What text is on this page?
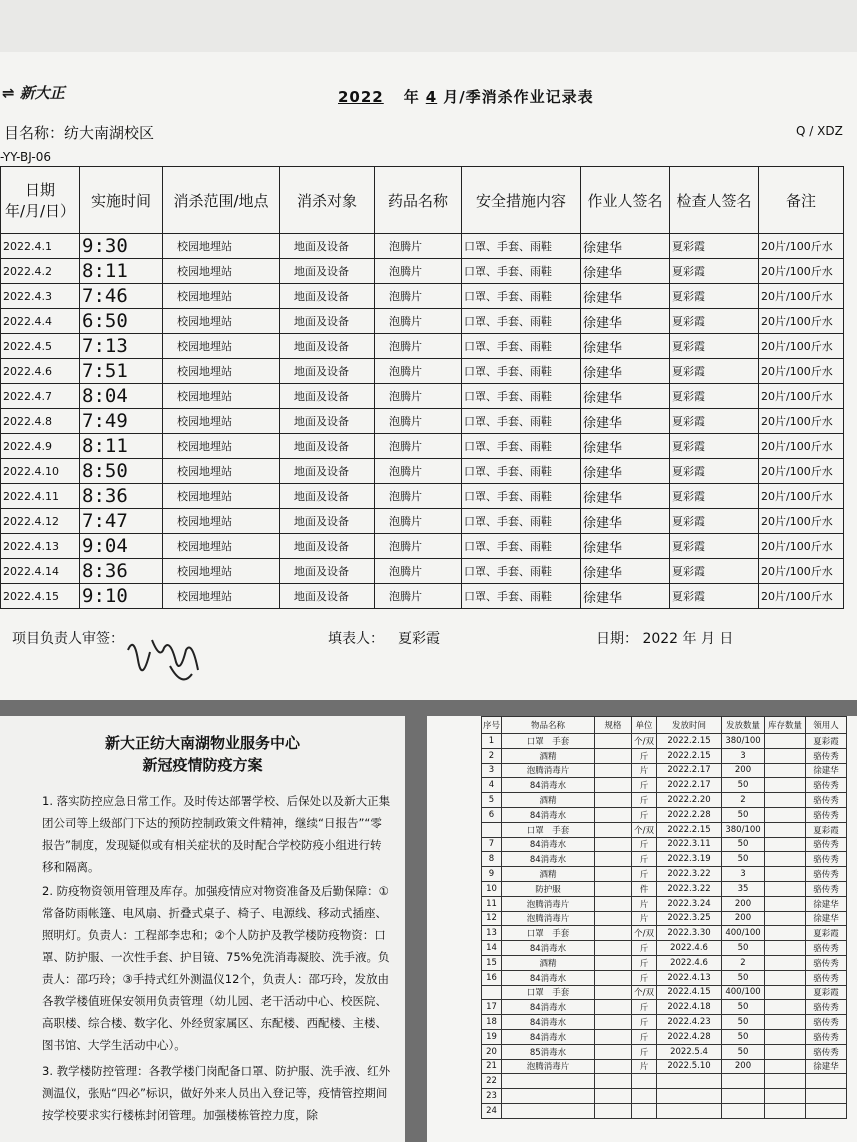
⇌ 新大正	2022 年 4 月/季消杀作业记录表
目名称：纺大南湖校区	Q / XDZ
-YY-BJ-06
日期
年/月/日）	实施时间	消杀范围/地点	消杀对象	药品名称	安全措施内容	作业人签名	检查人签名	备注
2022.4.1	9:30	校园地埋站	地面及设备	泡腾片	口罩、手套、雨鞋	徐建华	夏彩霞	20片/100斤水
2022.4.2	8:11	校园地埋站	地面及设备	泡腾片	口罩、手套、雨鞋	徐建华	夏彩霞	20片/100斤水
2022.4.3	7:46	校园地埋站	地面及设备	泡腾片	口罩、手套、雨鞋	徐建华	夏彩霞	20片/100斤水
2022.4.4	6:50	校园地埋站	地面及设备	泡腾片	口罩、手套、雨鞋	徐建华	夏彩霞	20片/100斤水
2022.4.5	7:13	校园地埋站	地面及设备	泡腾片	口罩、手套、雨鞋	徐建华	夏彩霞	20片/100斤水
2022.4.6	7:51	校园地埋站	地面及设备	泡腾片	口罩、手套、雨鞋	徐建华	夏彩霞	20片/100斤水
2022.4.7	8:04	校园地埋站	地面及设备	泡腾片	口罩、手套、雨鞋	徐建华	夏彩霞	20片/100斤水
2022.4.8	7:49	校园地埋站	地面及设备	泡腾片	口罩、手套、雨鞋	徐建华	夏彩霞	20片/100斤水
2022.4.9	8:11	校园地埋站	地面及设备	泡腾片	口罩、手套、雨鞋	徐建华	夏彩霞	20片/100斤水
2022.4.10	8:50	校园地埋站	地面及设备	泡腾片	口罩、手套、雨鞋	徐建华	夏彩霞	20片/100斤水
2022.4.11	8:36	校园地埋站	地面及设备	泡腾片	口罩、手套、雨鞋	徐建华	夏彩霞	20片/100斤水
2022.4.12	7:47	校园地埋站	地面及设备	泡腾片	口罩、手套、雨鞋	徐建华	夏彩霞	20片/100斤水
2022.4.13	9:04	校园地埋站	地面及设备	泡腾片	口罩、手套、雨鞋	徐建华	夏彩霞	20片/100斤水
2022.4.14	8:36	校园地埋站	地面及设备	泡腾片	口罩、手套、雨鞋	徐建华	夏彩霞	20片/100斤水
2022.4.15	9:10	校园地埋站	地面及设备	泡腾片	口罩、手套、雨鞋	徐建华	夏彩霞	20片/100斤水
项目负责人审签：	填表人： 夏彩霞	日期： 2022 年 月 日
新大正纺大南湖物业服务中心
新冠疫情防疫方案
1. 落实防控应急日常工作。及时传达部署学校、后保处以及新大正集团公司等上级部门下达的预防控制政策文件精神，继续“日报告”“零报告”制度，发现疑似或有相关症状的及时配合学校防疫小组进行转移和隔离。
2. 防疫物资领用管理及库存。加强疫情应对物资准备及后勤保障：①常备防雨帐篷、电风扇、折叠式桌子、椅子、电源线、移动式插座、照明灯。负责人：工程部李忠和；②个人防护及教学楼防疫物资：口罩、防护服、一次性手套、护目镜、75%免洗消毒凝胶、洗手液。负责人：邵巧玲；③手持式红外测温仪12个，负责人：邵巧玲，发放由各教学楼值班保安领用负责管理（幼儿园、老干活动中心、校医院、高职楼、综合楼、数字化、外经贸家属区、东配楼、西配楼、主楼、图书馆、大学生活动中心）。
3. 教学楼防控管理：各教学楼门岗配备口罩、防护服、洗手液、红外测温仪，张贴“四必”标识，做好外来人员出入登记等，疫情管控期间按学校要求实行楼栋封闭管理。加强楼栋管控力度，除
序号	物品名称	规格	单位	发放时间	发放数量	库存数量	领用人
1	口罩　手套		个/双	2022.2.15	380/100		夏彩霞
2	酒精		斤	2022.2.15	3		骆传秀
3	泡腾消毒片		片	2022.2.17	200		徐建华
4	84消毒水		斤	2022.2.17	50		骆传秀
5	酒精		斤	2022.2.20	2		骆传秀
6	84消毒水		斤	2022.2.28	50		骆传秀
	口罩　手套		个/双	2022.2.15	380/100		夏彩霞
7	84消毒水		斤	2022.3.11	50		骆传秀
8	84消毒水		斤	2022.3.19	50		骆传秀
9	酒精		斤	2022.3.22	3		骆传秀
10	防护服		件	2022.3.22	35		骆传秀
11	泡腾消毒片		片	2022.3.24	200		徐建华
12	泡腾消毒片		片	2022.3.25	200		徐建华
13	口罩　手套		个/双	2022.3.30	400/100		夏彩霞
14	84消毒水		斤	2022.4.6	50		骆传秀
15	酒精		斤	2022.4.6	2		骆传秀
16	84消毒水		斤	2022.4.13	50		骆传秀
	口罩　手套		个/双	2022.4.15	400/100		夏彩霞
17	84消毒水		斤	2022.4.18	50		骆传秀
18	84消毒水		斤	2022.4.23	50		骆传秀
19	84消毒水		斤	2022.4.28	50		骆传秀
20	85消毒水		斤	2022.5.4	50		骆传秀
21	泡腾消毒片		片	2022.5.10	200		徐建华
22							
23							
24							
